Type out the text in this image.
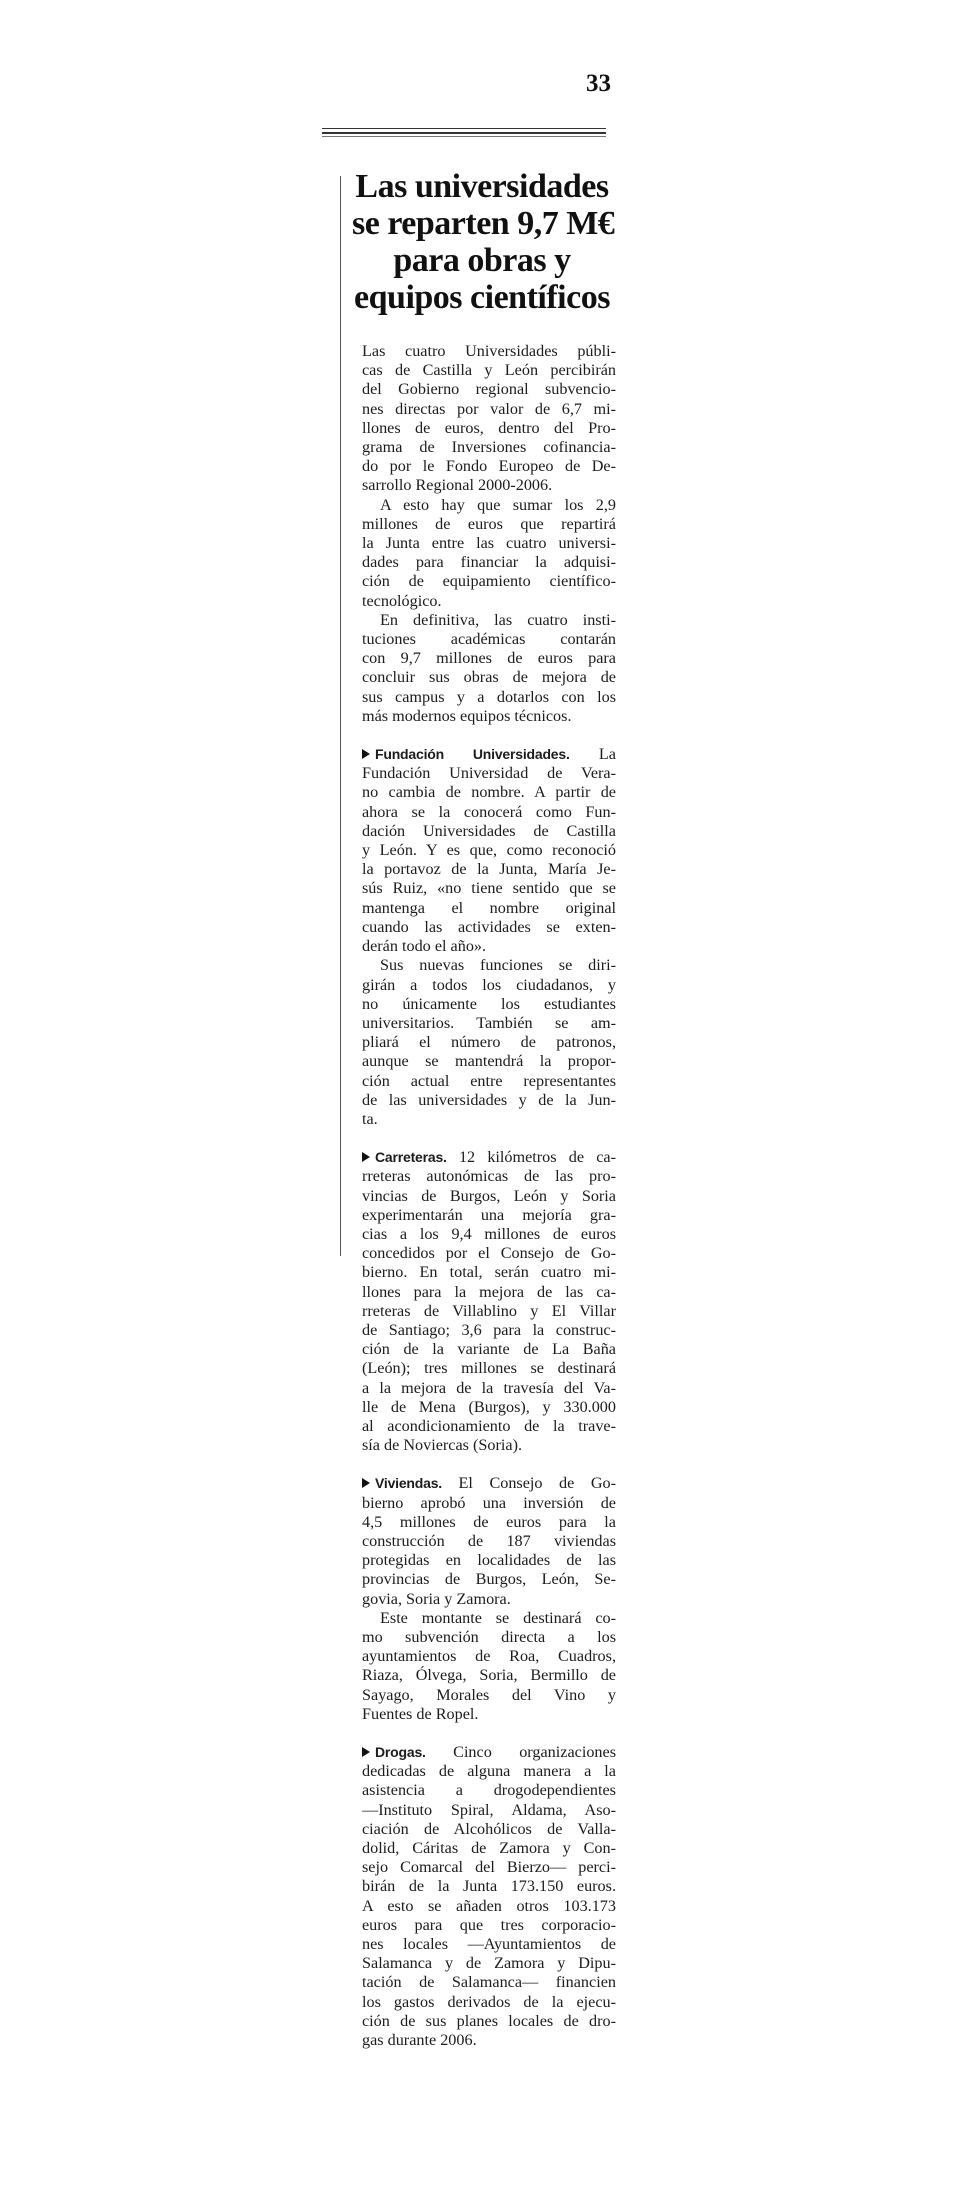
33
Las universidades
se reparten 9,7 M€
para obras y
equipos científicos

Las cuatro Universidades públi-
cas de Castilla y León percibirán
del Gobierno regional subvencio-
nes directas por valor de 6,7 mi-
llones de euros, dentro del Pro-
grama de Inversiones cofinancia-
do por le Fondo Europeo de De-
sarrollo Regional 2000-2006.

A esto hay que sumar los 2,9
millones de euros que repartirá
la Junta entre las cuatro universi-
dades para financiar la adquisi-
ción de equipamiento científico-
tecnológico.

En definitiva, las cuatro insti-
tuciones académicas contarán
con 9,7 millones de euros para
concluir sus obras de mejora de
sus campus y a dotarlos con los
más modernos equipos técnicos.

Fundación Universidades. La
Fundación Universidad de Vera-
no cambia de nombre. A partir de
ahora se la conocerá como Fun-
dación Universidades de Castilla
y León. Y es que, como reconoció
la portavoz de la Junta, María Je-
sús Ruiz, «no tiene sentido que se
mantenga el nombre original
cuando las actividades se exten-
derán todo el año».

Sus nuevas funciones se diri-
girán a todos los ciudadanos, y
no únicamente los estudiantes
universitarios. También se am-
pliará el número de patronos,
aunque se mantendrá la propor-
ción actual entre representantes
de las universidades y de la Jun-
ta.

Carreteras. 12 kilómetros de ca-
rreteras autonómicas de las pro-
vincias de Burgos, León y Soria
experimentarán una mejoría gra-
cias a los 9,4 millones de euros
concedidos por el Consejo de Go-
bierno. En total, serán cuatro mi-
llones para la mejora de las ca-
rreteras de Villablino y El Villar
de Santiago; 3,6 para la construc-
ción de la variante de La Baña
(León); tres millones se destinará
a la mejora de la travesía del Va-
lle de Mena (Burgos), y 330.000
al acondicionamiento de la trave-
sía de Noviercas (Soria).

Viviendas. El Consejo de Go-
bierno aprobó una inversión de
4,5 millones de euros para la
construcción de 187 viviendas
protegidas en localidades de las
provincias de Burgos, León, Se-
govia, Soria y Zamora.

Este montante se destinará co-
mo subvención directa a los
ayuntamientos de Roa, Cuadros,
Riaza, Ólvega, Soria, Bermillo de
Sayago, Morales del Vino y
Fuentes de Ropel.

Drogas. Cinco organizaciones
dedicadas de alguna manera a la
asistencia a drogodependientes
—Instituto Spiral, Aldama, Aso-
ciación de Alcohólicos de Valla-
dolid, Cáritas de Zamora y Con-
sejo Comarcal del Bierzo— perci-
birán de la Junta 173.150 euros.
A esto se añaden otros 103.173
euros para que tres corporacio-
nes locales —Ayuntamientos de
Salamanca y de Zamora y Dipu-
tación de Salamanca— financien
los gastos derivados de la ejecu-
ción de sus planes locales de dro-
gas durante 2006.
